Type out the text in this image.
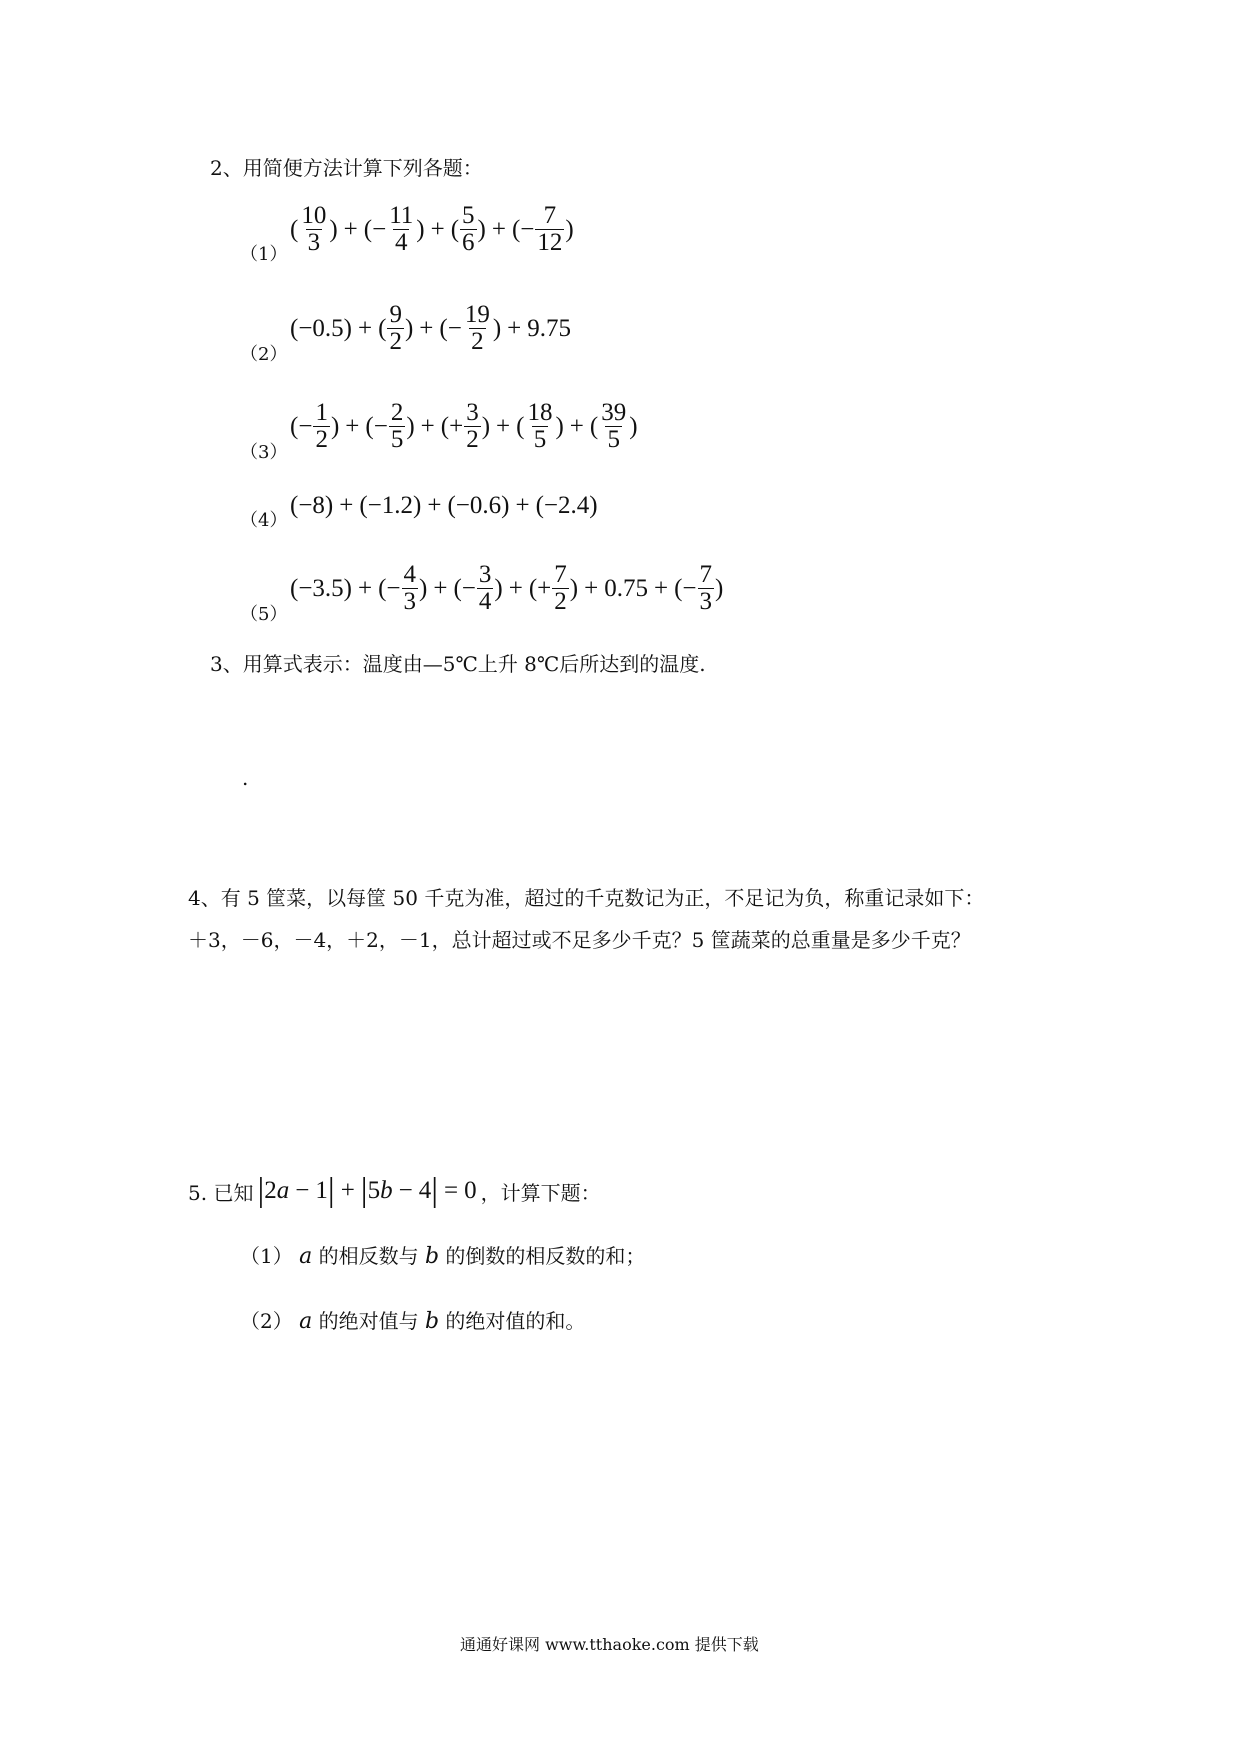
2、用简便方法计算下列各题：
（1）
( $\frac{10}{3}$ ) + (− $\frac{11}{4}$ ) + ( $\frac{5}{6}$ ) + (− $\frac{7}{12}$ )
（2）
(−0.5) + ( $\frac{9}{2}$ ) + (− $\frac{19}{2}$ ) + 9.75
（3）
(− $\frac{1}{2}$ ) + (− $\frac{2}{5}$ ) + (+ $\frac{3}{2}$ ) + ( $\frac{18}{5}$ ) + ( $\frac{39}{5}$ )
（4）
(−8) + (−1.2) + (−0.6) + (−2.4)
（5）
(−3.5) + (− $\frac{4}{3}$ ) + (− $\frac{3}{4}$ ) + (+ $\frac{7}{2}$ ) + 0.75 + (− $\frac{7}{3}$ )
3、用算式表示：温度由—5℃上升 8℃后所达到的温度.
.
4、有 5 筐菜，以每筐 50 千克为准，超过的千克数记为正，不足记为负，称重记录如下：
＋3，－6，－4，＋2，－1，总计超过或不足多少千克？5 筐蔬菜的总重量是多少千克？
5. 已知 | 2 a − 1 | + | 5 b − 4 | = 0 ，计算下题：
（1） a 的相反数与 b 的倒数的相反数的和；
（2） a 的绝对值与 b 的绝对值的和。
通通好课网 www.tthaoke.com 提供下载
